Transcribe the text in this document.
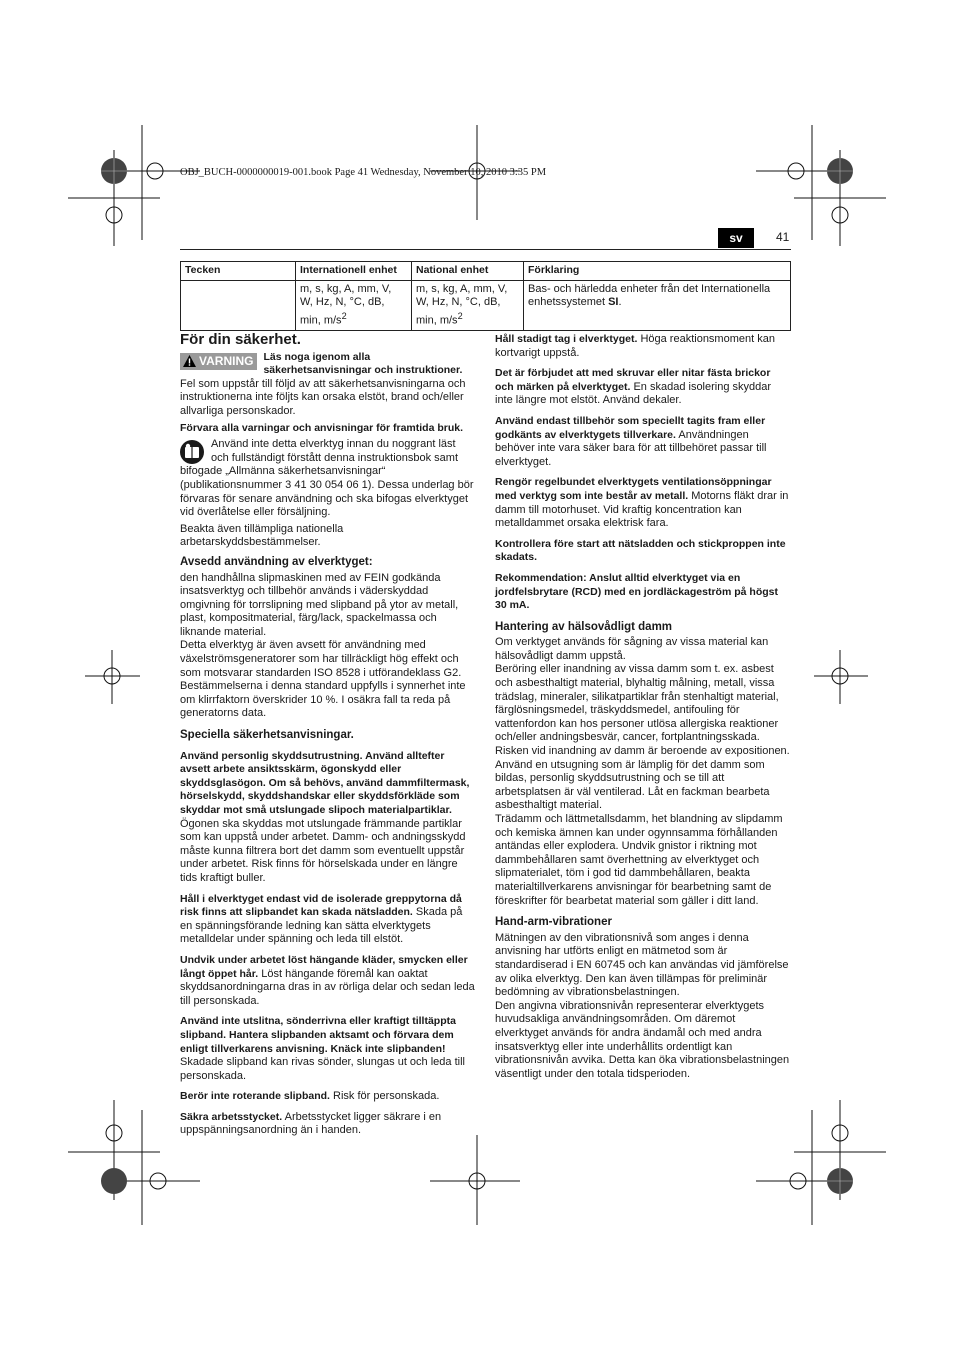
OBJ_BUCH-0000000019-001.book Page 41 Wednesday, November 10, 2010 3:35 PM
sv	41
Tecken	Internationell enhet	National enhet	Förklaring
	m, s, kg, A, mm, V, W, Hz, N, °C, dB, min, $m/s^2$	m, s, kg, A, mm, V, W, Hz, N, °C, dB, min, $m/s^2$	Bas- och härledda enheter från det Internationella enhetssystemet SI.
För din säkerhet.

VARNING Läs noga igenom alla säkerhetsanvisningar och instruktioner. Fel som uppstår till följd av att säkerhetsanvisningarna och instruktionerna inte följts kan orsaka elstöt, brand och/eller allvarliga personskador.

Förvara alla varningar och anvisningar för framtida bruk.

Använd inte detta elverktyg innan du noggrant läst och fullständigt förstått denna instruktionsbok samt bifogade „Allmänna säkerhetsanvisningar“ (publikationsnummer 3 41 30 054 06 1). Dessa underlag bör förvaras för senare användning och ska bifogas elverktyget vid överlåtelse eller försäljning.

Beakta även tillämpliga nationella arbetarskyddsbestämmelser.

Avsedd användning av elverktyget:

den handhållna slipmaskinen med av FEIN godkända insatsverktyg och tillbehör används i väderskyddad omgivning för torrslipning med slipband på ytor av metall, plast, kompositmaterial, färg/lack, spackelmassa och liknande material.

Detta elverktyg är även avsett för användning med växelströmsgeneratorer som har tillräckligt hög effekt och som motsvarar standarden ISO 8528 i utförandeklass G2. Bestämmelserna i denna standard uppfylls i synnerhet inte om klirrfaktorn överskrider 10 %. I osäkra fall ta reda på generatorns data.

Speciella säkerhetsanvisningar.

Använd personlig skyddsutrustning. Använd alltefter avsett arbete ansiktsskärm, ögonskydd eller skyddsglasögon. Om så behövs, använd dammfiltermask, hörselskydd, skyddshandskar eller skyddsförkläde som skyddar mot små utslungade slipoch materialpartiklar. Ögonen ska skyddas mot utslungade främmande partiklar som kan uppstå under arbetet. Damm- och andningsskydd måste kunna filtrera bort det damm som eventuellt uppstår under arbetet. Risk finns för hörselskada under en längre tids kraftigt buller.

Håll i elverktyget endast vid de isolerade greppytorna då risk finns att slipbandet kan skada nätsladden. Skada på en spänningsförande ledning kan sätta elverktygets metalldelar under spänning och leda till elstöt.

Undvik under arbetet löst hängande kläder, smycken eller långt öppet hår. Löst hängande föremål kan oaktat skyddsanordningarna dras in av rörliga delar och sedan leda till personskada.

Använd inte utslitna, sönderrivna eller kraftigt tilltäppta slipband. Hantera slipbanden aktsamt och förvara dem enligt tillverkarens anvisning. Knäck inte slipbanden! Skadade slipband kan rivas sönder, slungas ut och leda till personskada.

Berör inte roterande slipband. Risk för personskada.

Säkra arbetsstycket. Arbetsstycket ligger säkrare i en uppspänningsanordning än i handen.

Håll stadigt tag i elverktyget. Höga reaktionsmoment kan kortvarigt uppstå.

Det är förbjudet att med skruvar eller nitar fästa brickor och märken på elverktyget. En skadad isolering skyddar inte längre mot elstöt. Använd dekaler.

Använd endast tillbehör som speciellt tagits fram eller godkänts av elverktygets tillverkare. Användningen behöver inte vara säker bara för att tillbehöret passar till elverktyget.

Rengör regelbundet elverktygets ventilationsöppningar med verktyg som inte består av metall. Motorns fläkt drar in damm till motorhuset. Vid kraftig koncentration kan metalldammet orsaka elektrisk fara.

Kontrollera före start att nätsladden och stickproppen inte skadats.

Rekommendation: Anslut alltid elverktyget via en jordfelsbrytare (RCD) med en jordläckageström på högst 30 mA.

Hantering av hälsovådligt damm

Om verktyget används för sågning av vissa material kan hälsovådligt damm uppstå.

Beröring eller inandning av vissa damm som t. ex. asbest och asbesthaltigt material, blyhaltig målning, metall, vissa trädslag, mineraler, silikatpartiklar från stenhaltigt material, färglösningsmedel, träskyddsmedel, antifouling för vattenfordon kan hos personer utlösa allergiska reaktioner och/eller andningsbesvär, cancer, fortplantningsskada. Risken vid inandning av damm är beroende av expositionen. Använd en utsugning som är lämplig för det damm som bildas, personlig skyddsutrustning och se till att arbetsplatsen är väl ventilerad. Låt en fackman bearbeta asbesthaltigt material.

Trädamm och lättmetallsdamm, het blandning av slipdamm och kemiska ämnen kan under ogynnsamma förhållanden antändas eller explodera. Undvik gnistor i riktning mot dammbehållaren samt överhettning av elverktyget och slipmaterialet, töm i god tid dammbehållaren, beakta materialtillverkarens anvisningar för bearbetning samt de föreskrifter för bearbetat material som gäller i ditt land.

Hand-arm-vibrationer

Mätningen av den vibrationsnivå som anges i denna anvisning har utförts enligt en mätmetod som är standardiserad i EN 60745 och kan användas vid jämförelse av olika elverktyg. Den kan även tillämpas för preliminär bedömning av vibrationsbelastningen.

Den angivna vibrationsnivån representerar elverktygets huvudsakliga användningsområden. Om däremot elverktyget används för andra ändamål och med andra insatsverktyg eller inte underhållits ordentligt kan vibrationsnivån avvika. Detta kan öka vibrationsbelastningen väsentligt under den totala tidsperioden.
